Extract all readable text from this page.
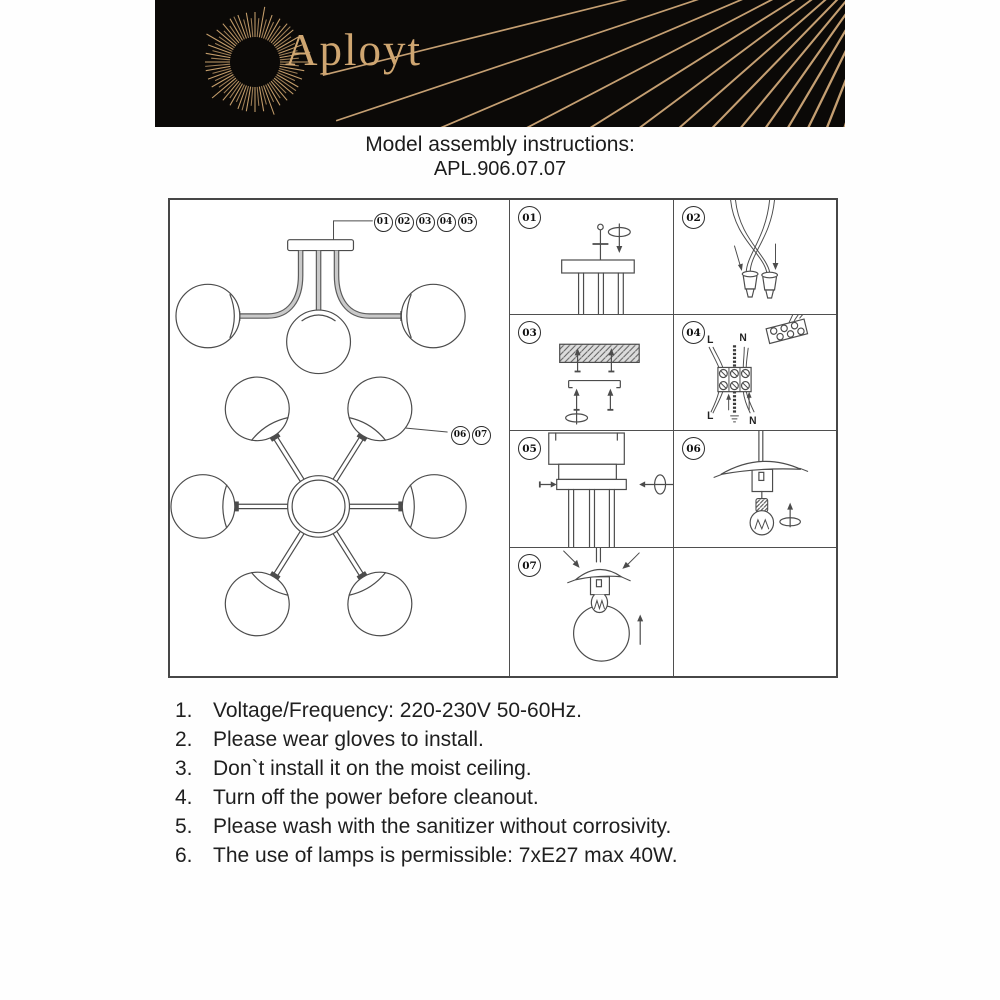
Aployt
Model assembly instructions:
APL.906.07.07
01 02 03 04 05
06 07
01	02
03	04
L N
L	N
05	06
07
1. Voltage/Frequency: 220-230V 50-60Hz.
2. Please wear gloves to install.
3. Don`t install it on the moist ceiling.
4. Turn off the power before cleanout.
5. Please wash with the sanitizer without corrosivity.
6. The use of lamps is permissible: 7xE27 max 40W.
